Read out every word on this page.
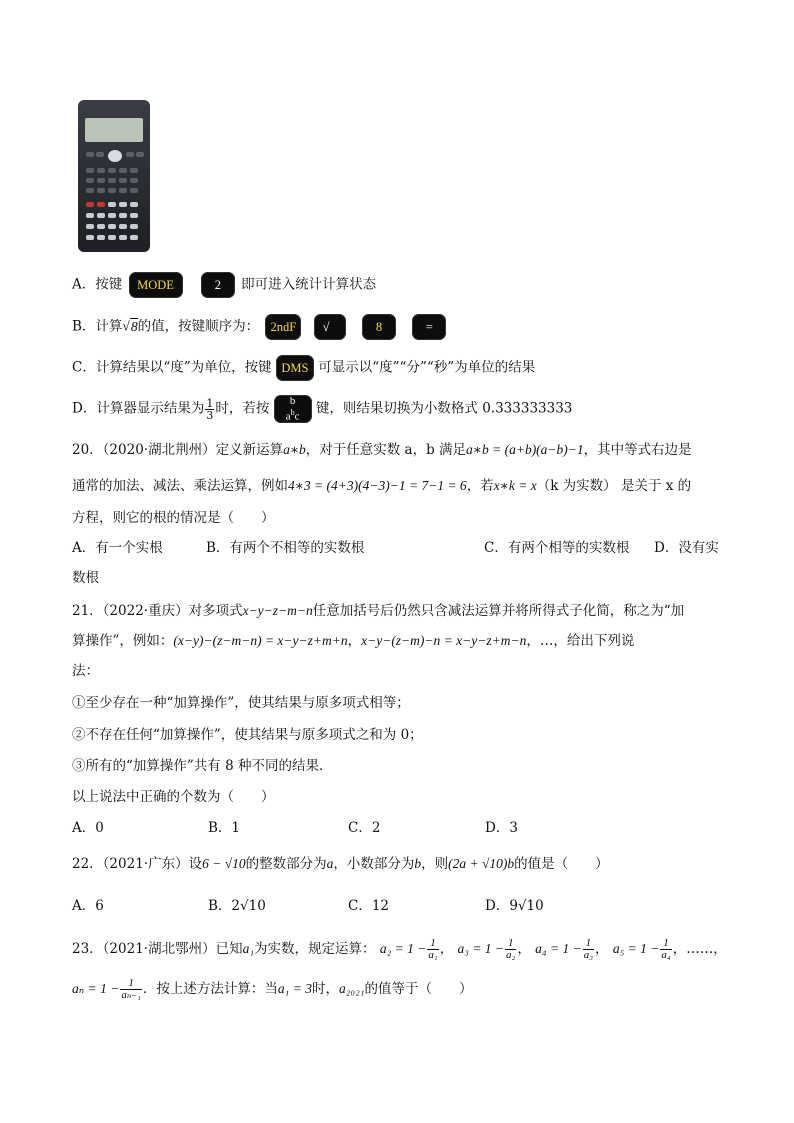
A．按键 MODE	2 即可进入统计计算状态
B．计算√8的值，按键顺序为： 2ndF √	8	=
C．计算结果以“度”为单位，按键 DMS 可显示以“度”“分”“秒”为单位的结果
D．计算器显示结果为 $\frac{1}{3}$ 时，若按 b
$a^bc$ 键，则结果切换为小数格式 0.333333333
20．（2020·湖北荆州）定义新运算a∗b，对于任意实数 a，b 满足a∗b = (a+b)(a−b)−1，其中等式右边是
通常的加法、减法、乘法运算，例如4∗3 = (4+3)(4−3)−1 = 7−1 = 6，若x∗k = x（k 为实数） 是关于 x 的
方程，则它的根的情况是（　　）
A．有一个实根	B．有两个不相等的实数根	C．有两个相等的实数根 D．没有实
数根
21．（2022·重庆）对多项式x−y−z−m−n任意加括号后仍然只含减法运算并将所得式子化简，称之为“加
算操作”，例如：(x−y)−(z−m−n) = x−y−z+m+n，x−y−(z−m)−n = x−y−z+m−n，…，给出下列说
法：
①至少存在一种“加算操作”，使其结果与原多项式相等；
②不存在任何“加算操作”，使其结果与原多项式之和为 0；
③所有的“加算操作”共有 8 种不同的结果．
以上说法中正确的个数为（　　）
A．0	B．1	C．2	D．3
22．（2021·广东）设6 − √10的整数部分为a，小数部分为b，则(2a + √10)b的值是（　　）
A．6	B．2√10	C．12	D．9√10
23．（2021·湖北鄂州）已知a₁为实数，规定运算： $a_2 = 1 - \frac{1}{\text{a₁}}$ ， $a_3 = 1 - \frac{1}{\text{a₂}}$ ， $a_4 = 1 - \frac{1}{\text{a₃}}$ ， $a_5 = 1 - \frac{1}{\text{a₄}}$ ，……，
$a_n = 1 - \frac{1}{\text{aₙ₋₁}}$ ．按上述方法计算：当a₁ = 3时，a₂₀₂₁的值等于（　　）
